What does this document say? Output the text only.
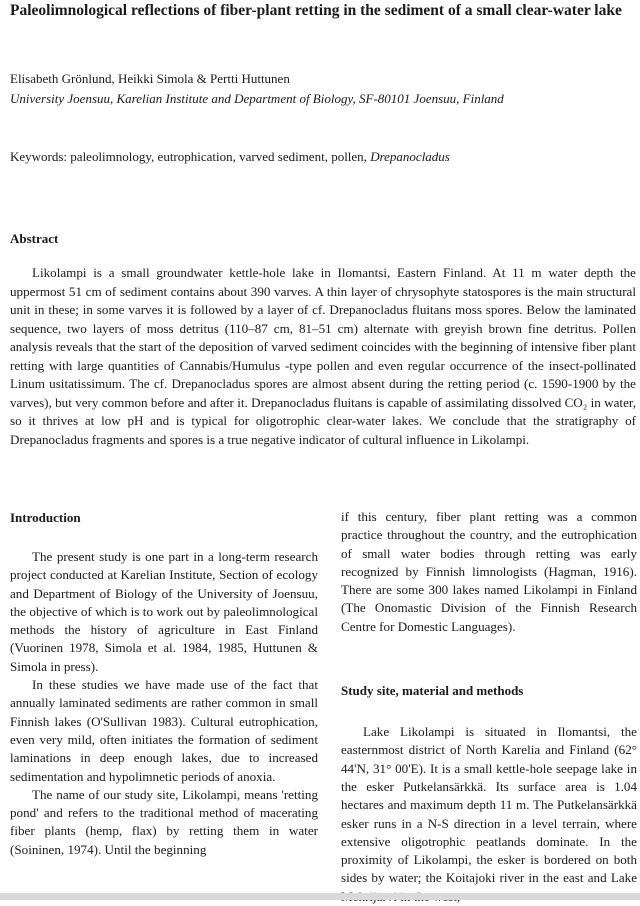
Paleolimnological reflections of fiber-plant retting in the sediment of a small clear-water lake

Elisabeth Grönlund, Heikki Simola & Pertti Huttunen

University Joensuu, Karelian Institute and Department of Biology, SF-80101 Joensuu, Finland

Keywords: paleolimnology, eutrophication, varved sediment, pollen, Drepanocladus

Abstract

Likolampi is a small groundwater kettle-hole lake in Ilomantsi, Eastern Finland. At 11 m water depth the uppermost 51 cm of sediment contains about 390 varves. A thin layer of chrysophyte statospores is the main structural unit in these; in some varves it is followed by a layer of cf. Drepanocladus fluitans moss spores. Below the laminated sequence, two layers of moss detritus (110–87 cm, 81–51 cm) alternate with greyish brown fine detritus. Pollen analysis reveals that the start of the deposition of varved sediment coincides with the beginning of intensive fiber plant retting with large quantities of Cannabis/Humulus -type pollen and even regular occurrence of the insect-pollinated Linum usitatissimum. The cf. Drepanocladus spores are almost absent during the retting period (c. 1590-1900 by the varves), but very common before and after it. Drepanocladus fluitans is capable of assimilating dissolved CO₂ in water, so it thrives at low pH and is typical for oligotrophic clear-water lakes. We conclude that the stratigraphy of Drepanocladus fragments and spores is a true negative indicator of cultural influence in Likolampi.

Introduction

The present study is one part in a long-term research project conducted at Karelian Institute, Section of ecology and Department of Biology of the University of Joensuu, the objective of which is to work out by paleolimnological methods the history of agriculture in East Finland (Vuorinen 1978, Simola et al. 1984, 1985, Huttunen & Simola in press).

In these studies we have made use of the fact that annually laminated sediments are rather common in small Finnish lakes (O'Sullivan 1983). Cultural eutrophication, even very mild, often initiates the formation of sediment laminations in deep enough lakes, due to increased sedimentation and hypolimnetic periods of anoxia.

The name of our study site, Likolampi, means 'retting pond' and refers to the traditional method of macerating fiber plants (hemp, flax) by retting them in water (Soininen, 1974). Until the beginning

if this century, fiber plant retting was a common practice throughout the country, and the eutrophication of small water bodies through retting was early recognized by Finnish limnologists (Hagman, 1916). There are some 300 lakes named Likolampi in Finland (The Onomastic Division of the Finnish Research Centre for Domestic Languages).

Study site, material and methods

Lake Likolampi is situated in Ilomantsi, the easternmost district of North Karelia and Finland (62° 44'N, 31° 00'E). It is a small kettle-hole seepage lake in the esker Putkelansärkkä. Its surface area is 1.04 hectares and maximum depth 11 m. The Putkelansärkkä esker runs in a N-S direction in a level terrain, where extensive oligotrophic peatlands dominate. In the proximity of Likolampi, the esker is bordered on both sides by water; the Koitajoki river in the east and Lake
